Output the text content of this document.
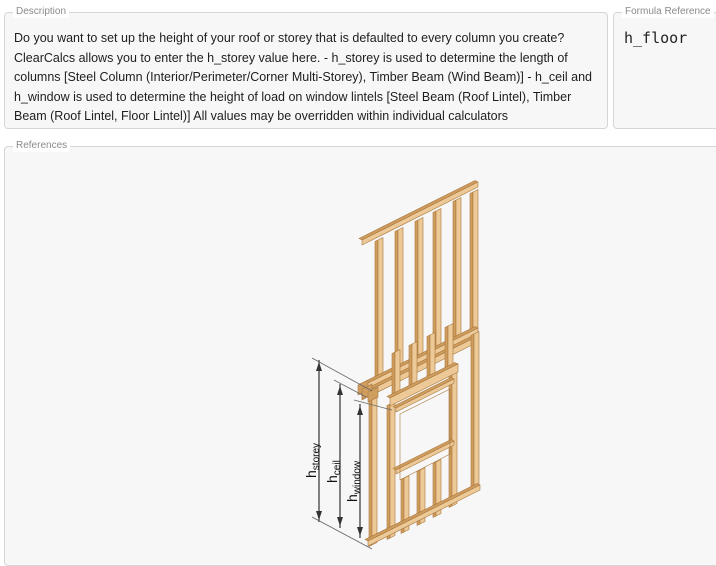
Description
Do you want to set up the height of your roof or storey that is defaulted to every column you create? ClearCalcs allows you to enter the h_storey value here. - h_storey is used to determine the length of columns [Steel Column (Interior/Perimeter/Corner Multi-Storey), Timber Beam (Wind Beam)] - h_ceil and h_window is used to determine the height of load on window lintels [Steel Beam (Roof Lintel), Timber Beam (Roof Lintel, Floor Lintel)] All values may be overridden within individual calculators
Formula Reference
h_floor
References
$h_{storey}$
$h_{ceil}$
$h_{window}$
